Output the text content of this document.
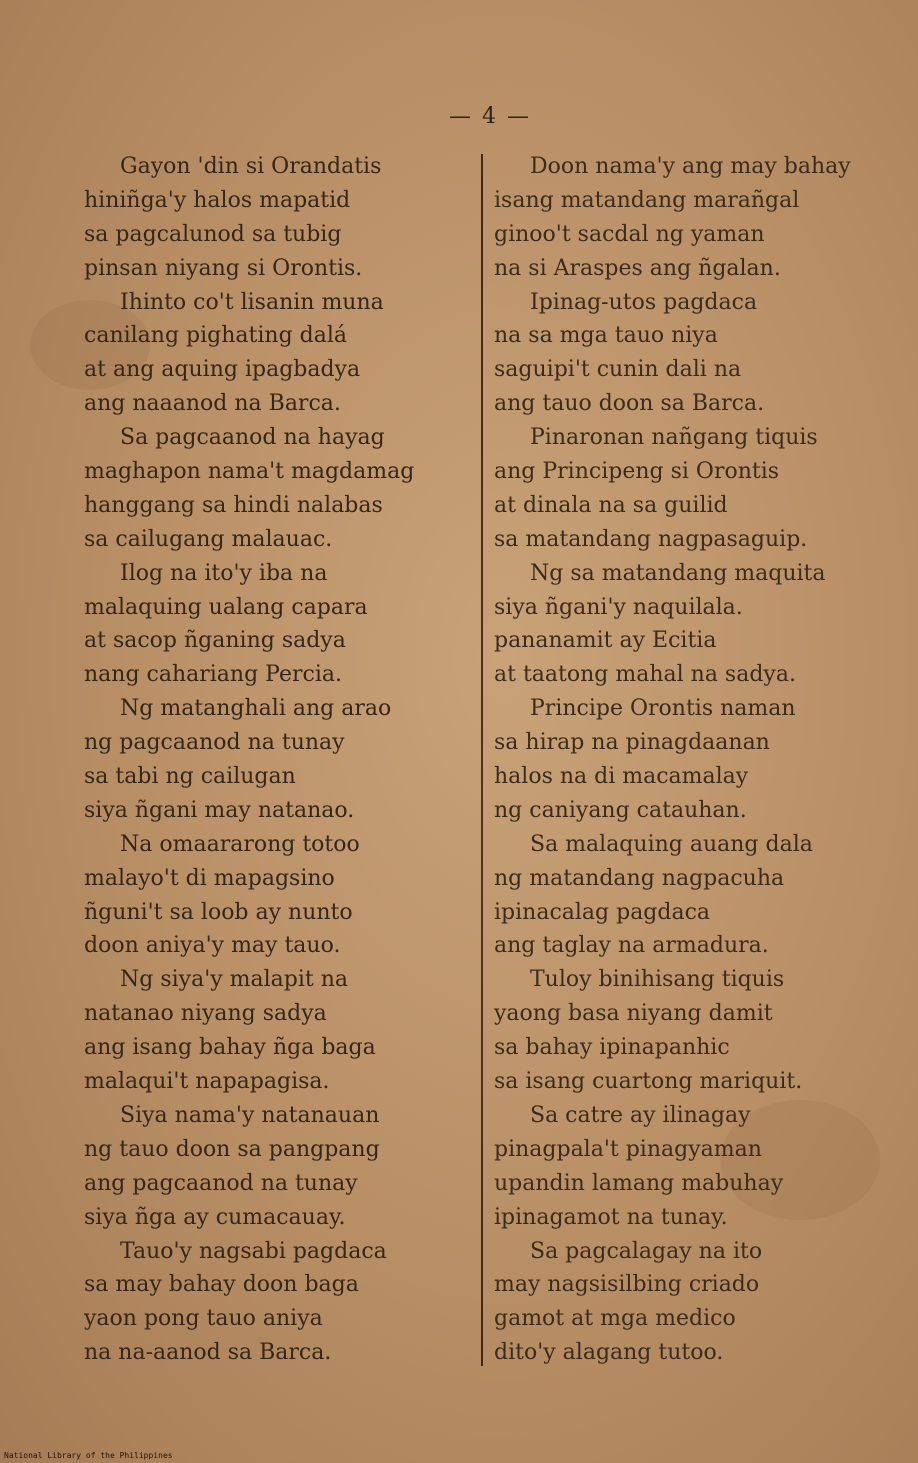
— 4 —
Gayon 'din si Orandatis
hiniñga'y halos mapatid
sa pagcalunod sa tubig
pinsan niyang si Orontis.
Ihinto co't lisanin muna
canilang pighating dalá
at ang aquing ipagbadya
ang naaanod na Barca.
Sa pagcaanod na hayag
maghapon nama't magdamag
hanggang sa hindi nalabas
sa cailugang malauac.
Ilog na ito'y iba na
malaquing ualang capara
at sacop ñganing sadya
nang cahariang Percia.
Ng matanghali ang arao
ng pagcaanod na tunay
sa tabi ng cailugan
siya ñgani may natanao.
Na omaararong totoo
malayo't di mapagsino
ñguni't sa loob ay nunto
doon aniya'y may tauo.
Ng siya'y malapit na
natanao niyang sadya
ang isang bahay ñga baga
malaqui't napapagisa.
Siya nama'y natanauan
ng tauo doon sa pangpang
ang pagcaanod na tunay
siya ñga ay cumacauay.
Tauo'y nagsabi pagdaca
sa may bahay doon baga
yaon pong tauo aniya
na na-aanod sa Barca.
Doon nama'y ang may bahay
isang matandang marañgal
ginoo't sacdal ng yaman
na si Araspes ang ñgalan.
Ipinag-utos pagdaca
na sa mga tauo niya
saguipi't cunin dali na
ang tauo doon sa Barca.
Pinaronan nañgang tiquis
ang Principeng si Orontis
at dinala na sa guilid
sa matandang nagpasaguip.
Ng sa matandang maquita
siya ñgani'y naquilala.
pananamit ay Ecitia
at taatong mahal na sadya.
Principe Orontis naman
sa hirap na pinagdaanan
halos na di macamalay
ng caniyang catauhan.
Sa malaquing auang dala
ng matandang nagpacuha
ipinacalag pagdaca
ang taglay na armadura.
Tuloy binihisang tiquis
yaong basa niyang damit
sa bahay ipinapanhic
sa isang cuartong mariquit.
Sa catre ay ilinagay
pinagpala't pinagyaman
upandin lamang mabuhay
ipinagamot na tunay.
Sa pagcalagay na ito
may nagsisilbing criado
gamot at mga medico
dito'y alagang tutoo.
National Library of the Philippines
